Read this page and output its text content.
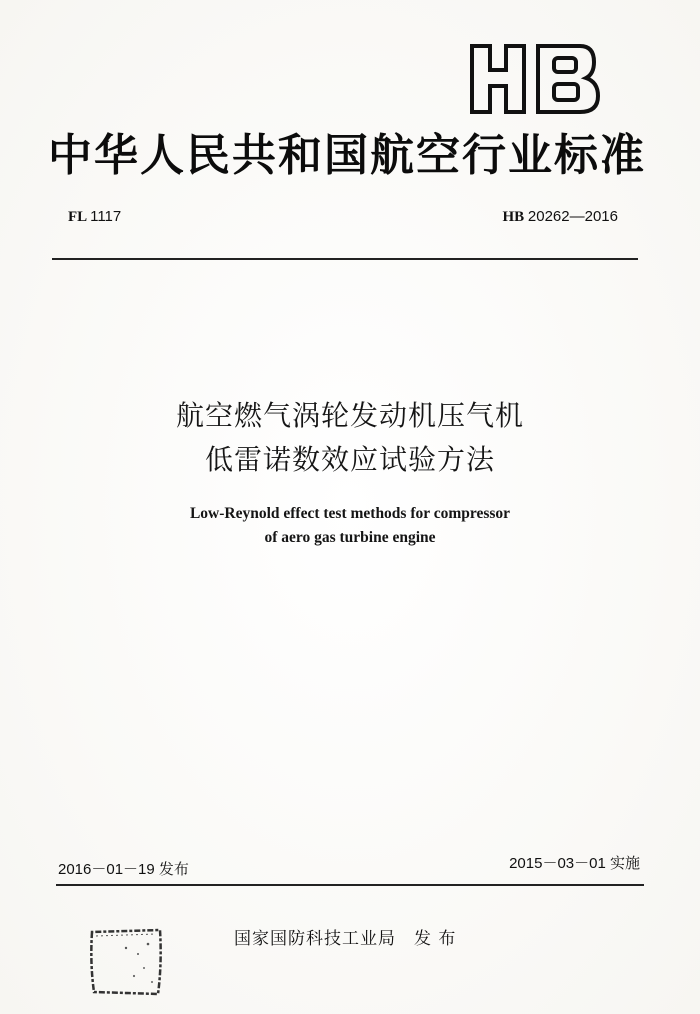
中华人民共和国航空行业标准
FL 1117	HB 20262—2016
航空燃气涡轮发动机压气机
低雷诺数效应试验方法
Low-Reynold effect test methods for compressor
of aero gas turbine engine
2016－01－19 发布	2015－03－01 实施
国家国防科技工业局　发 布
